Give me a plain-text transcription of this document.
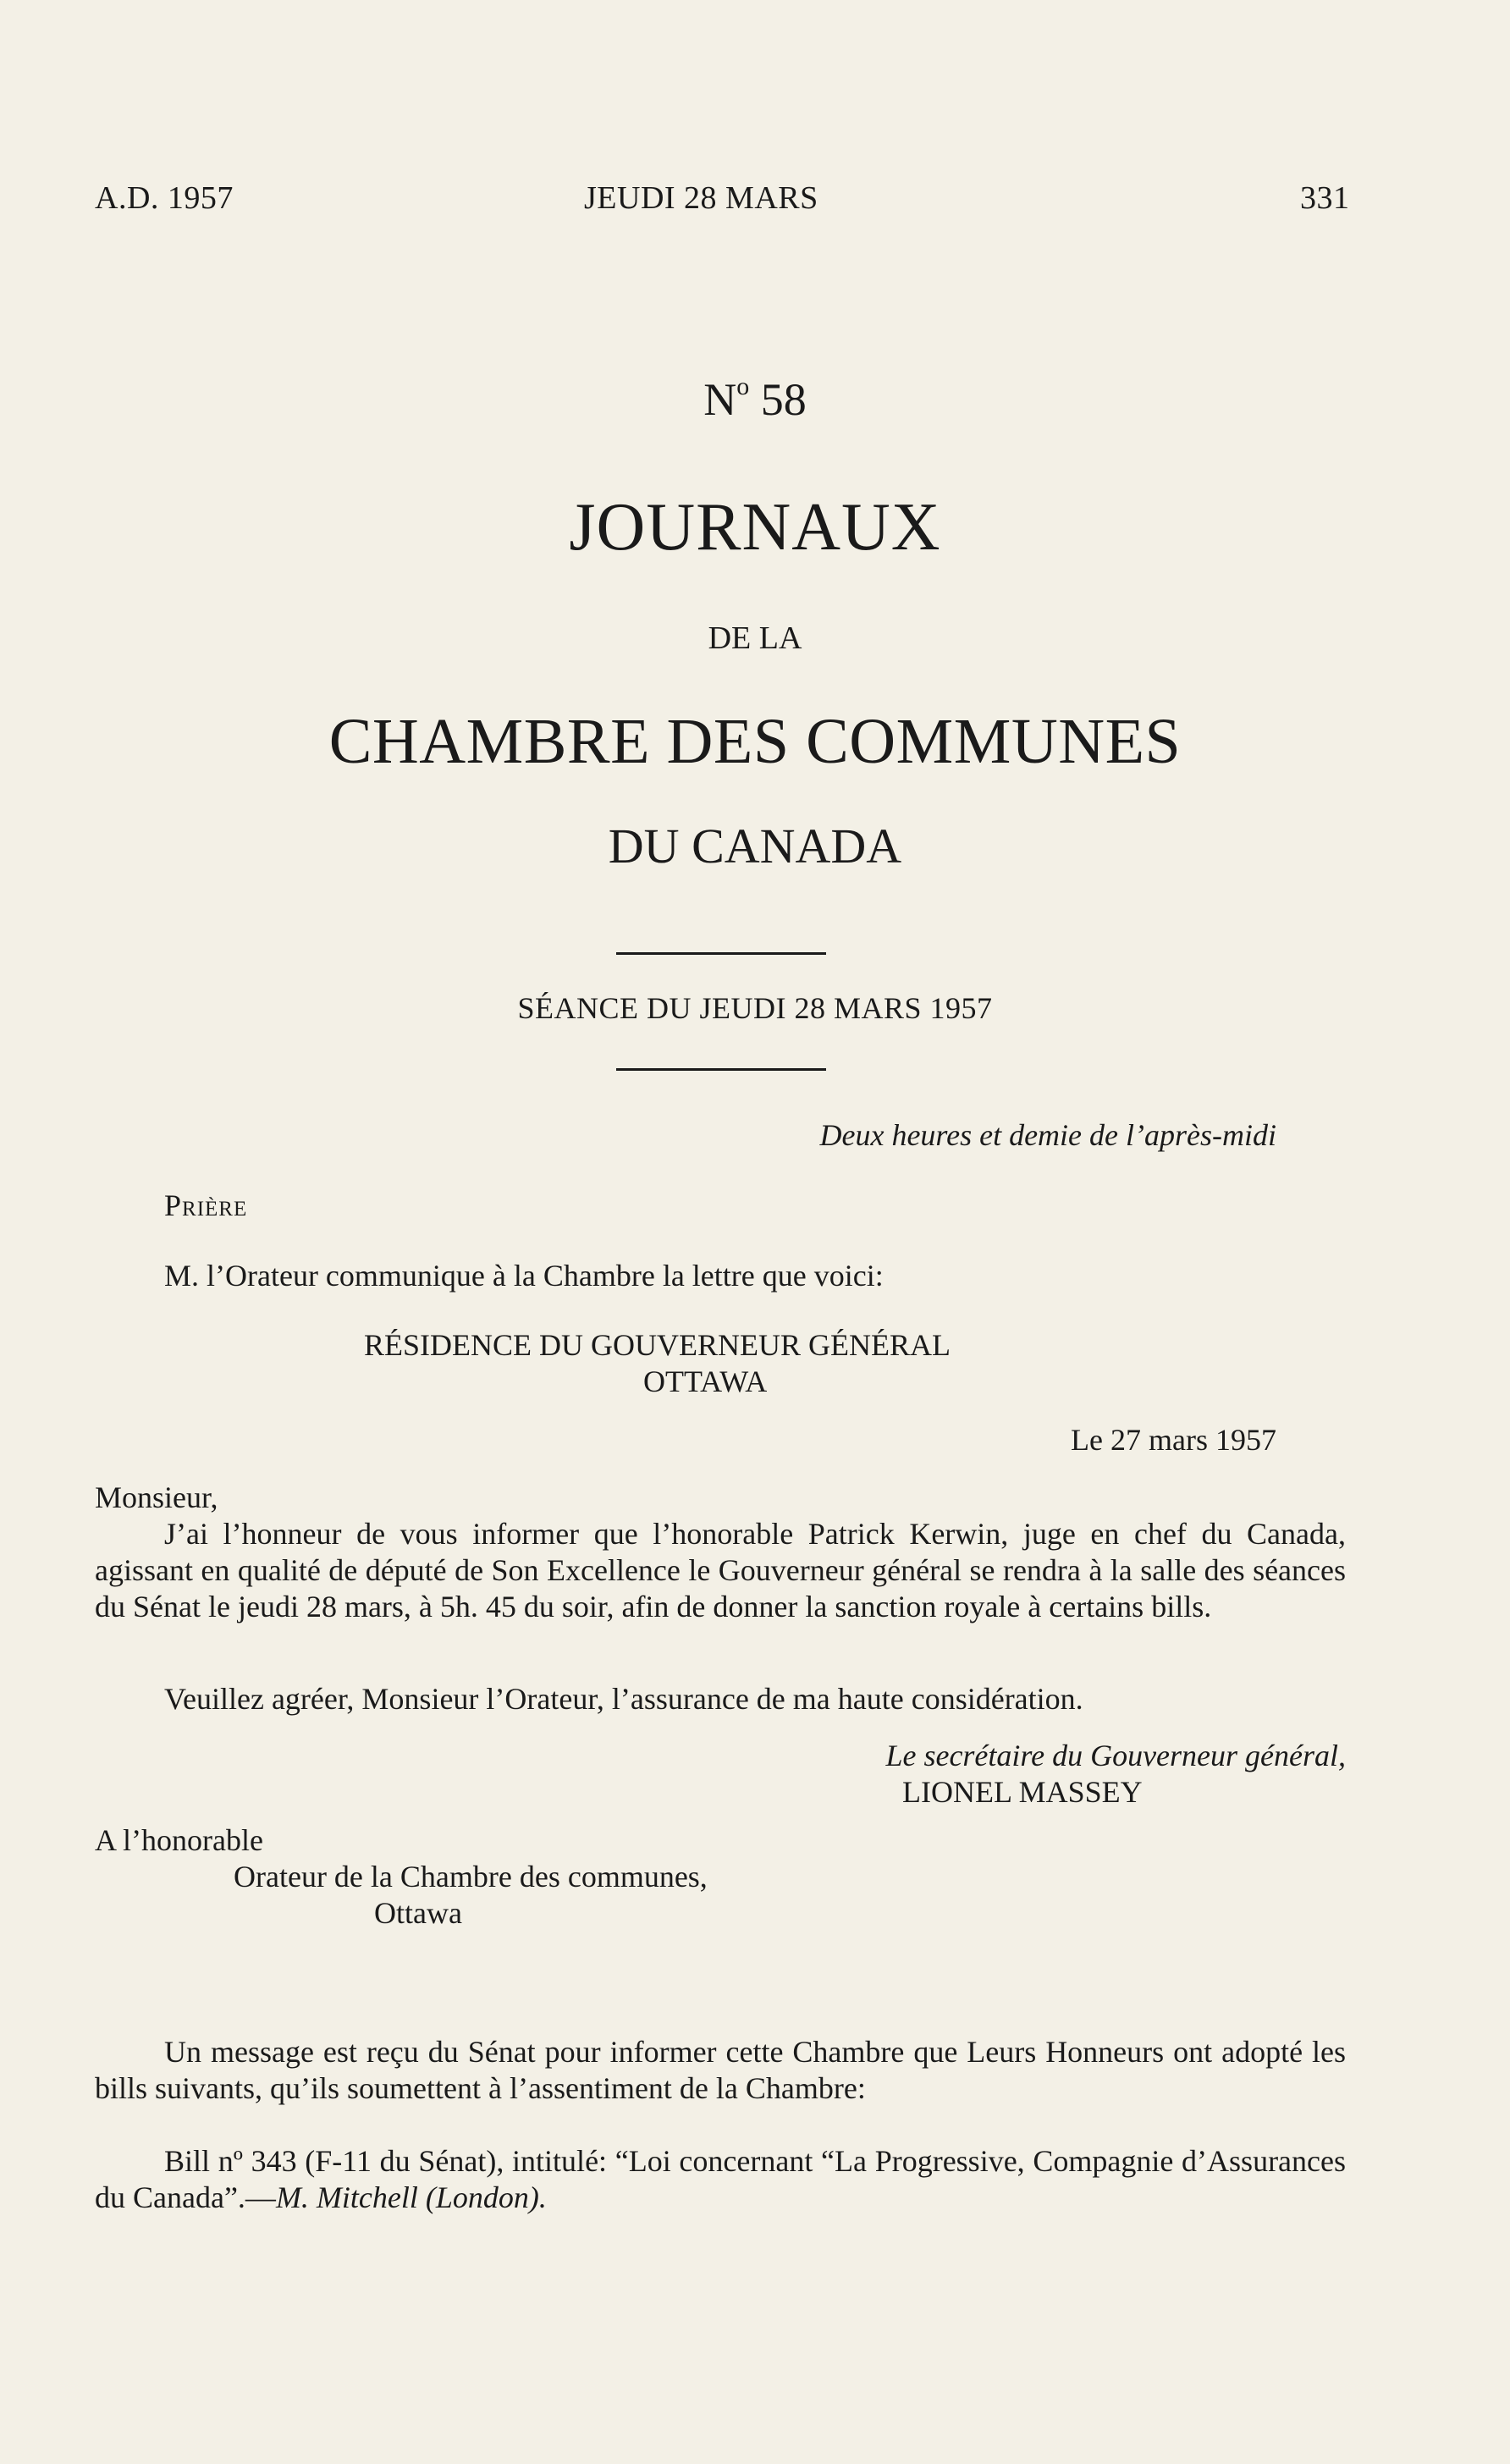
A.D. 1957	JEUDI 28 MARS	331
$N^o$ 58
JOURNAUX
DE LA
CHAMBRE DES COMMUNES
DU CANADA
SÉANCE DU JEUDI 28 MARS 1957
Deux heures et demie de l’après-midi
Prière
M. l’Orateur communique à la Chambre la lettre que voici:
RÉSIDENCE DU GOUVERNEUR GÉNÉRAL
OTTAWA
Le 27 mars 1957
Monsieur,
J’ai l’honneur de vous informer que l’honorable Patrick Kerwin, juge en chef du Canada, agissant en qualité de député de Son Excellence le Gouverneur général se rendra à la salle des séances du Sénat le jeudi 28 mars, à 5h. 45 du soir, afin de donner la sanction royale à certains bills.
Veuillez agréer, Monsieur l’Orateur, l’assurance de ma haute considération.
Le secrétaire du Gouverneur général,
LIONEL MASSEY
A l’honorable
Orateur de la Chambre des communes,
Ottawa
Un message est reçu du Sénat pour informer cette Chambre que Leurs Honneurs ont adopté les bills suivants, qu’ils soumettent à l’assentiment de la Chambre:
Bill nº 343 (F-11 du Sénat), intitulé: “Loi concernant “La Progressive, Compagnie d’Assurances du Canada”.—M. Mitchell (London).
